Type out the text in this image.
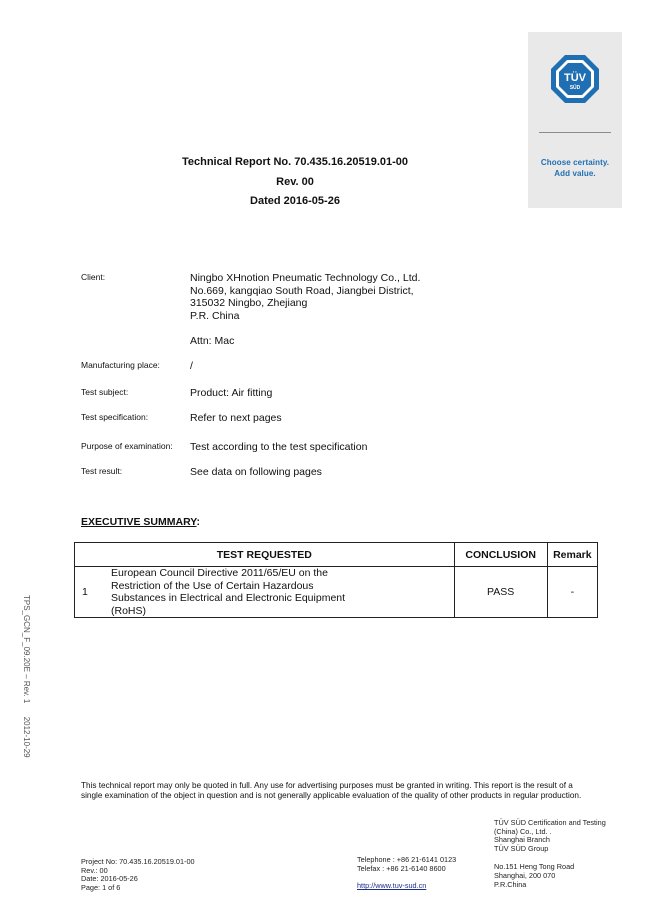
TÜV
SÜD
Choose certainty.
Add value.
Technical Report No. 70.435.16.20519.01-00
Rev. 00
Dated 2016-05-26
Client:	Ningbo XHnotion Pneumatic Technology Co., Ltd.
No.669, kangqiao South Road, Jiangbei District,
315032 Ningbo, Zhejiang
P.R. China
Attn: Mac
Manufacturing place:	/
Test subject:	Product: Air fitting
Test specification:	Refer to next pages
Purpose of examination: Test according to the test specification
Test result:	See data on following pages
EXECUTIVE SUMMARY:
TEST REQUESTED	CONCLUSION	Remark
1	
European Council Directive 2011/65/EU on the
Restriction of the Use of Certain Hazardous
Substances in Electrical and Electronic Equipment
(RoHS)
	PASS	-
TPS_GCN_F_09.20E – Rev. 1      2012-10-29
This technical report may only be quoted in full. Any use for advertising purposes must be granted in writing. This report is the result of a single examination of the object in question and is not generally applicable evaluation of the quality of other products in regular production.
Project No: 70.435.16.20519.01-00
Rev.: 00
Date: 2016-05-26
Page: 1 of 6
Telephone : +86 21-6141 0123
Telefax : +86 21-6140 8600
http://www.tuv-sud.cn
TÜV SÜD Certification and Testing
(China) Co., Ltd. .
Shanghai Branch
TÜV SÜD Group
No.151 Heng Tong Road
Shanghai, 200 070
P.R.China
